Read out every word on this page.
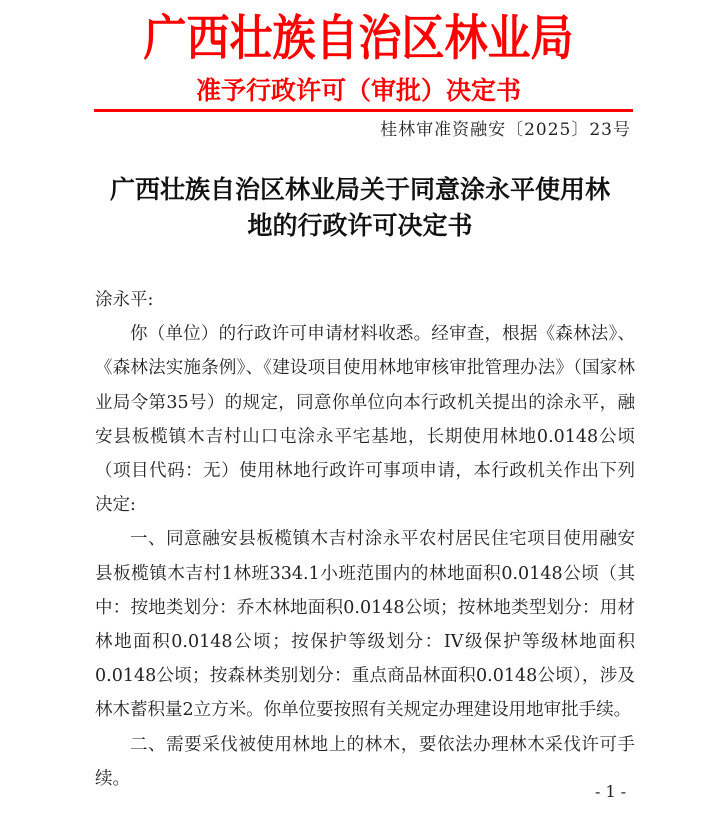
广西壮族自治区林业局
准予行政许可（审批）决定书
桂林审准资融安〔2025〕23号
广西壮族自治区林业局关于同意涂永平使用林
地的行政许可决定书

涂永平:

你（单位）的行政许可申请材料收悉。经审查，根据《森林法》、《森林法实施条例》、《建设项目使用林地审核审批管理办法》（国家林业局令第35号）的规定，同意你单位向本行政机关提出的涂永平，融安县板榄镇木吉村山口屯涂永平宅基地，长期使用林地0.0148公顷（项目代码：无）使用林地行政许可事项申请，本行政机关作出下列决定:

一、同意融安县板榄镇木吉村涂永平农村居民住宅项目使用融安县板榄镇木吉村1林班334.1小班范围内的林地面积0.0148公顷（其中：按地类划分：乔木林地面积0.0148公顷；按林地类型划分：用材林地面积0.0148公顷；按保护等级划分：IV级保护等级林地面积0.0148公顷；按森林类别划分：重点商品林面积0.0148公顷），涉及林木蓄积量2立方米。你单位要按照有关规定办理建设用地审批手续。

二、需要采伐被使用林地上的林木，要依法办理林木采伐许可手续。

- 1 -
